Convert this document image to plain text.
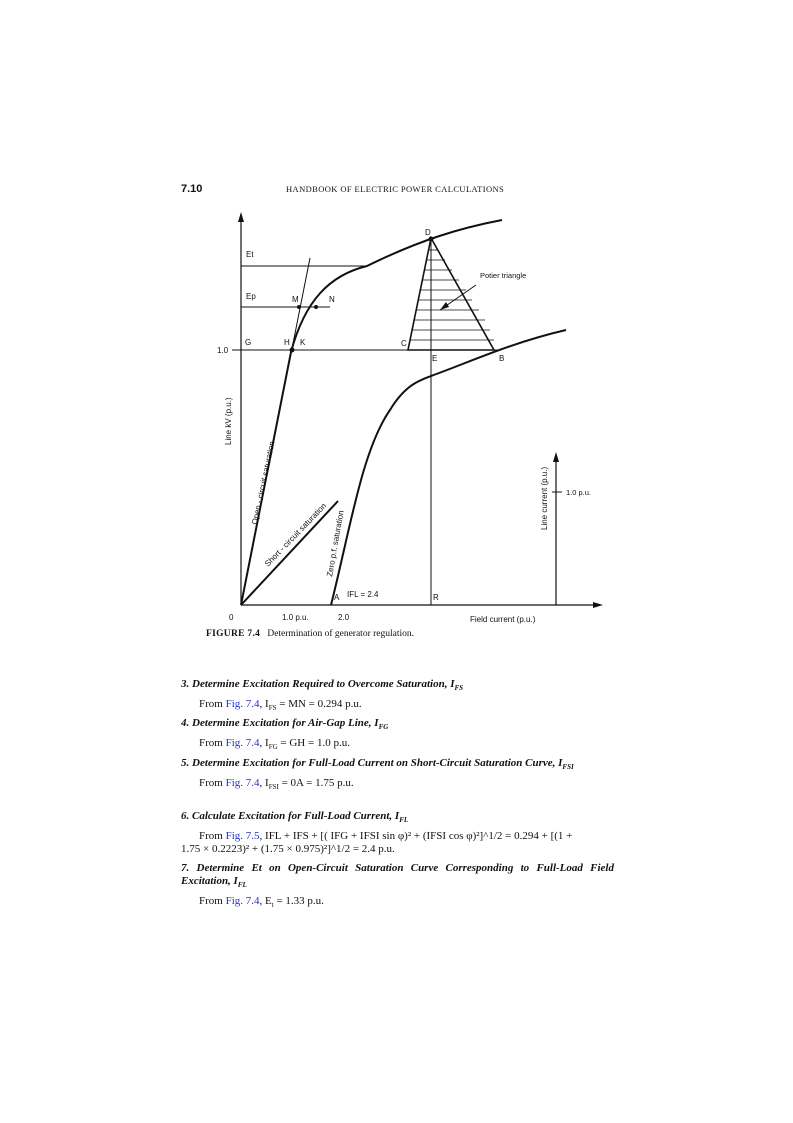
7.10	HANDBOOK OF ELECTRIC POWER CALCULATIONS
Et
Ep
G	H K
M	N
D
C
E	B
A	R
IFL = 2.4
Potier triangle
1.0
0	1.0 p.u.	2.0	Field current (p.u.)
1.0 p.u.
Line kV (p.u.)
Line current (p.u.)
Open - circuit saturation
Short - circuit saturation
Zero p.f. saturation
FIGURE 7.4 Determination of generator regulation.

3. Determine Excitation Required to Overcome Saturation, $I_{FS}$

From Fig. 7.4, $I_{FS}$ = MN = 0.294 p.u.

4. Determine Excitation for Air-Gap Line, $I_{FG}$

From Fig. 7.4, $I_{FG}$ = GH = 1.0 p.u.

5. Determine Excitation for Full-Load Current on Short-Circuit Saturation Curve, $I_{FSI}$

From Fig. 7.4, $I_{FSI} = 0A = 1.75$ p.u.

6. Calculate Excitation for Full-Load Current, $I_{FL}$

From Fig. 7.5, IFL + IFS + [( IFG + IFSI sin φ)² + (IFSI cos φ)²]^1/2 = 0.294 + [(1 +

1.75 × 0.2223)² + (1.75 × 0.975)²]^1/2 = 2.4 p.u.

7. Determine Et on Open-Circuit Saturation Curve Corresponding to Full-Load Field Excitation, $I_{FL}$

From Fig. 7.4, $E_t = 1.33$ p.u.
